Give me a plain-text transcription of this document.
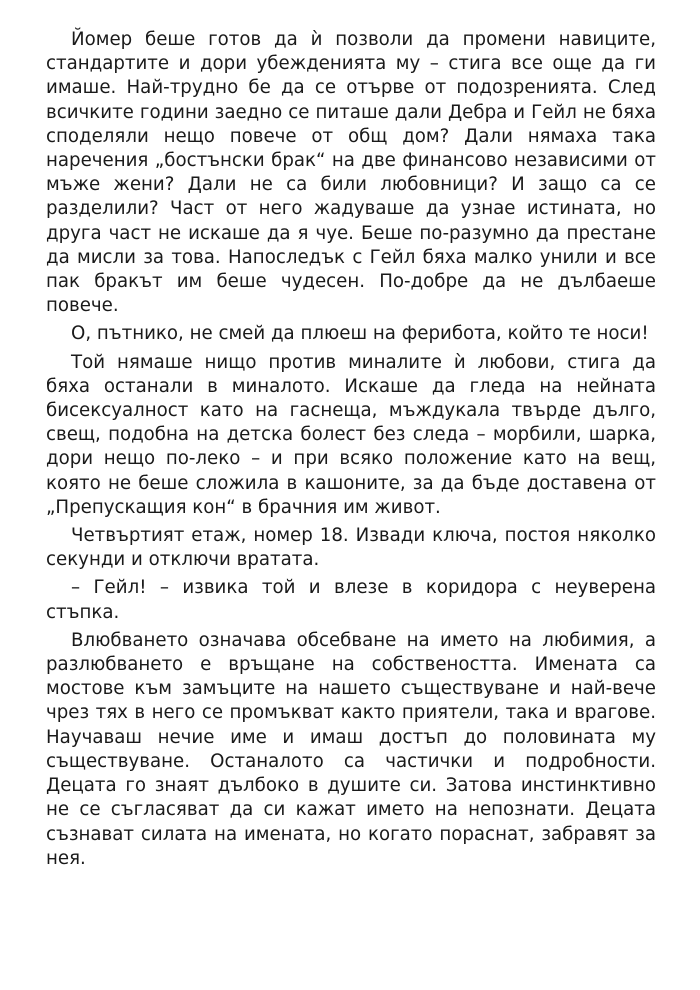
Йомер беше готов да ѝ позволи да промени навиците, стандартите и дори убежденията му – стига все още да ги имаше. Най-трудно бе да се отърве от подозренията. След всичките години заедно се питаше дали Дебра и Гейл не бяха споделяли нещо повече от общ дом? Дали нямаха така наречения „бостънски брак“ на две финансово независими от мъже жени? Дали не са били любовници? И защо са се разделили? Част от него жадуваше да узнае истината, но друга част не искаше да я чуе. Беше по-разумно да престане да мисли за това. Напоследък с Гейл бяха малко унили и все пак бракът им беше чудесен. По-добре да не дълбаеше повече.

О, пътнико, не смей да плюеш на ферибота, който те носи!

Той нямаше нищо против миналите ѝ любови, стига да бяха останали в миналото. Искаше да гледа на нейната бисексуалност като на гаснеща, мъждукала твърде дълго, свещ, подобна на детска болест без следа – морбили, шарка, дори нещо по-леко – и при всяко положение като на вещ, която не беше сложила в кашоните, за да бъде доставена от „Препускащия кон“ в брачния им живот.

Четвъртият етаж, номер 18. Извади ключа, постоя няколко секунди и отключи вратата.

– Гейл! – извика той и влезе в коридора с неуверена стъпка.

Влюбването означава обсебване на името на любимия, а разлюбването е връщане на собствеността. Имената са мостове към замъците на нашето съществуване и най-вече чрез тях в него се промъкват както приятели, така и врагове. Научаваш нечие име и имаш достъп до половината му съществуване. Останалото са частички и подробности. Децата го знаят дълбоко в душите си. Затова инстинктивно не се съгласяват да си кажат името на непознати. Децата съзнават силата на имената, но когато пораснат, забравят за нея.
